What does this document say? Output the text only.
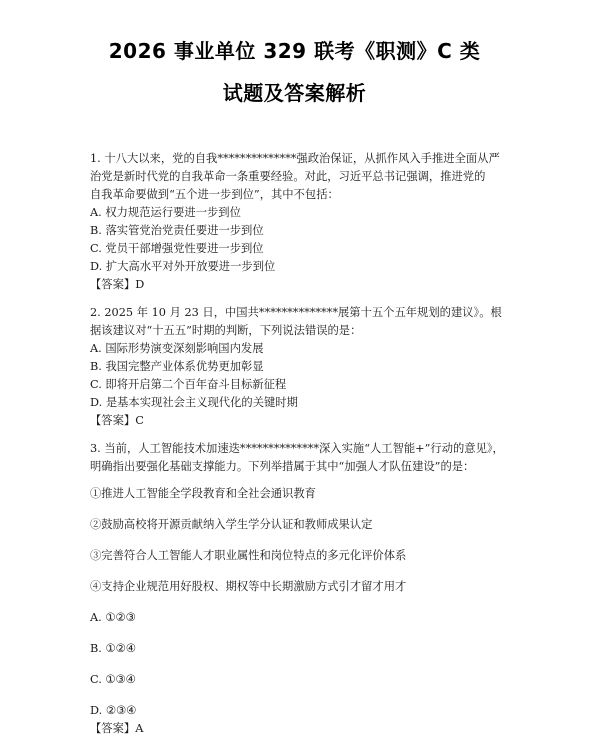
2026 事业单位 329 联考《职测》C 类
试题及答案解析
1. 十八大以来，党的自我**************强政治保证，从抓作风入手推进全面从严
治党是新时代党的自我革命一条重要经验。对此，习近平总书记强调，推进党的
自我革命要做到“五个进一步到位”，其中不包括：
A. 权力规范运行要进一步到位
B. 落实管党治党责任要进一步到位
C. 党员干部增强党性要进一步到位
D. 扩大高水平对外开放要进一步到位
【答案】D
2. 2025 年 10 月 23 日，中国共**************展第十五个五年规划的建议》。根
据该建议对“十五五”时期的判断，下列说法错误的是：
A. 国际形势演变深刻影响国内发展
B. 我国完整产业体系优势更加彰显
C. 即将开启第二个百年奋斗目标新征程
D. 是基本实现社会主义现代化的关键时期
【答案】C
3. 当前，人工智能技术加速迭**************深入实施“人工智能+”行动的意见》，
明确指出要强化基础支撑能力。下列举措属于其中“加强人才队伍建设”的是：
①推进人工智能全学段教育和全社会通识教育
②鼓励高校将开源贡献纳入学生学分认证和教师成果认定
③完善符合人工智能人才职业属性和岗位特点的多元化评价体系
④支持企业规范用好股权、期权等中长期激励方式引才留才用才
A. ①②③
B. ①②④
C. ①③④
D. ②③④
【答案】A
